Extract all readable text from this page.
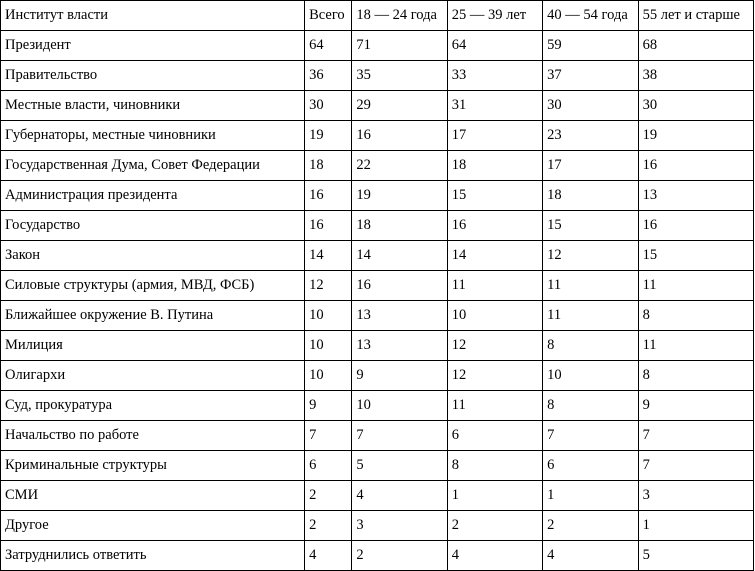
Институт власти	Всего	18 — 24 года	25 — 39 лет	40 — 54 года	55 лет и старше
Президент	64	71	64	59	68
Правительство	36	35	33	37	38
Местные власти, чиновники	30	29	31	30	30
Губернаторы, местные чиновники	19	16	17	23	19
Государственная Дума, Совет Федерации	18	22	18	17	16
Администрация президента	16	19	15	18	13
Государство	16	18	16	15	16
Закон	14	14	14	12	15
Силовые структуры (армия, МВД, ФСБ)	12	16	11	11	11
Ближайшее окружение В. Путина	10	13	10	11	8
Милиция	10	13	12	8	11
Олигархи	10	9	12	10	8
Суд, прокуратура	9	10	11	8	9
Начальство по работе	7	7	6	7	7
Криминальные структуры	6	5	8	6	7
СМИ	2	4	1	1	3
Другое	2	3	2	2	1
Затруднились ответить	4	2	4	4	5
